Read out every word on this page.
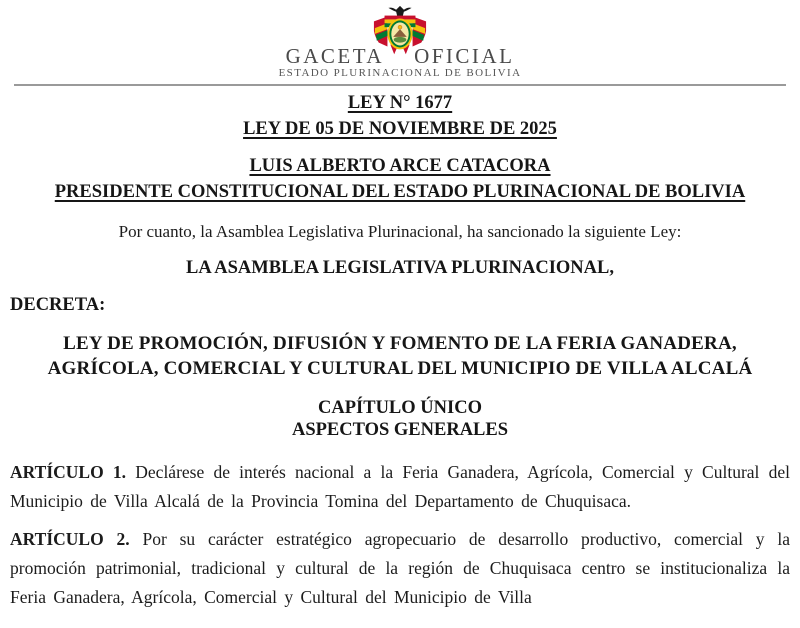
GACETA OFICIAL
ESTADO PLURINACIONAL DE BOLIVIA
LEY N° 1677
LEY DE 05 DE NOVIEMBRE DE 2025
LUIS ALBERTO ARCE CATACORA
PRESIDENTE CONSTITUCIONAL DEL ESTADO PLURINACIONAL DE BOLIVIA

Por cuanto, la Asamblea Legislativa Plurinacional, ha sancionado la siguiente Ley:

LA ASAMBLEA LEGISLATIVA PLURINACIONAL,
DECRETA:
LEY DE PROMOCIÓN, DIFUSIÓN Y FOMENTO DE LA FERIA GANADERA,
AGRÍCOLA, COMERCIAL Y CULTURAL DEL MUNICIPIO DE VILLA ALCALÁ
CAPÍTULO ÚNICO
ASPECTOS GENERALES

ARTÍCULO 1. Declárese de interés nacional a la Feria Ganadera, Agrícola, Comercial y Cultural del Municipio de Villa Alcalá de la Provincia Tomina del Departamento de Chuquisaca.

ARTÍCULO 2. Por su carácter estratégico agropecuario de desarrollo productivo, comercial y la promoción patrimonial, tradicional y cultural de la región de Chuquisaca centro se institucionaliza la Feria Ganadera, Agrícola, Comercial y Cultural del Municipio de Villa
